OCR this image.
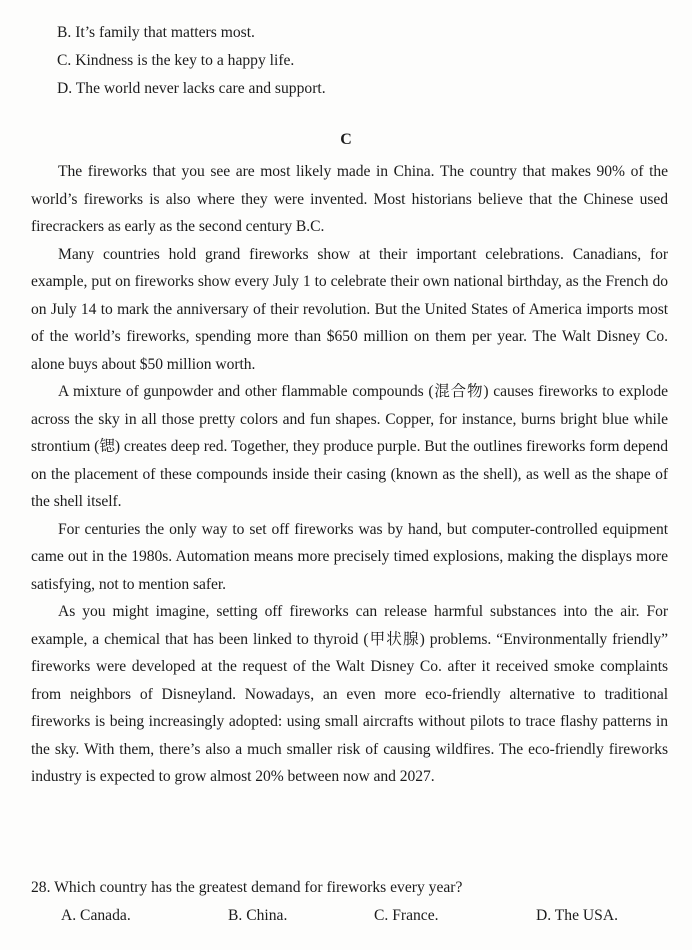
B. It’s family that matters most.
C. Kindness is the key to a happy life.
D. The world never lacks care and support.
C

The fireworks that you see are most likely made in China. The country that makes 90% of the world’s fireworks is also where they were invented. Most historians believe that the Chinese used firecrackers as early as the second century B.C.

Many countries hold grand fireworks show at their important celebrations. Canadians, for example, put on fireworks show every July 1 to celebrate their own national birthday, as the French do on July 14 to mark the anniversary of their revolution. But the United States of America imports most of the world’s fireworks, spending more than $650 million on them per year. The Walt Disney Co. alone buys about $50 million worth.

A mixture of gunpowder and other flammable compounds (混合物) causes fireworks to explode across the sky in all those pretty colors and fun shapes. Copper, for instance, burns bright blue while strontium (锶) creates deep red. Together, they produce purple. But the outlines fireworks form depend on the placement of these compounds inside their casing (known as the shell), as well as the shape of the shell itself.

For centuries the only way to set off fireworks was by hand, but computer-controlled equipment came out in the 1980s. Automation means more precisely timed explosions, making the displays more satisfying, not to mention safer.

As you might imagine, setting off fireworks can release harmful substances into the air. For example, a chemical that has been linked to thyroid (甲状腺) problems. “Environmentally friendly” fireworks were developed at the request of the Walt Disney Co. after it received smoke complaints from neighbors of Disneyland. Nowadays, an even more eco-friendly alternative to traditional fireworks is being increasingly adopted: using small aircrafts without pilots to trace flashy patterns in the sky. With them, there’s also a much smaller risk of causing wildfires. The eco-friendly fireworks industry is expected to grow almost 20% between now and 2027.

28. Which country has the greatest demand for fireworks every year?
A. Canada.	B. China.	C. France.	D. The USA.
